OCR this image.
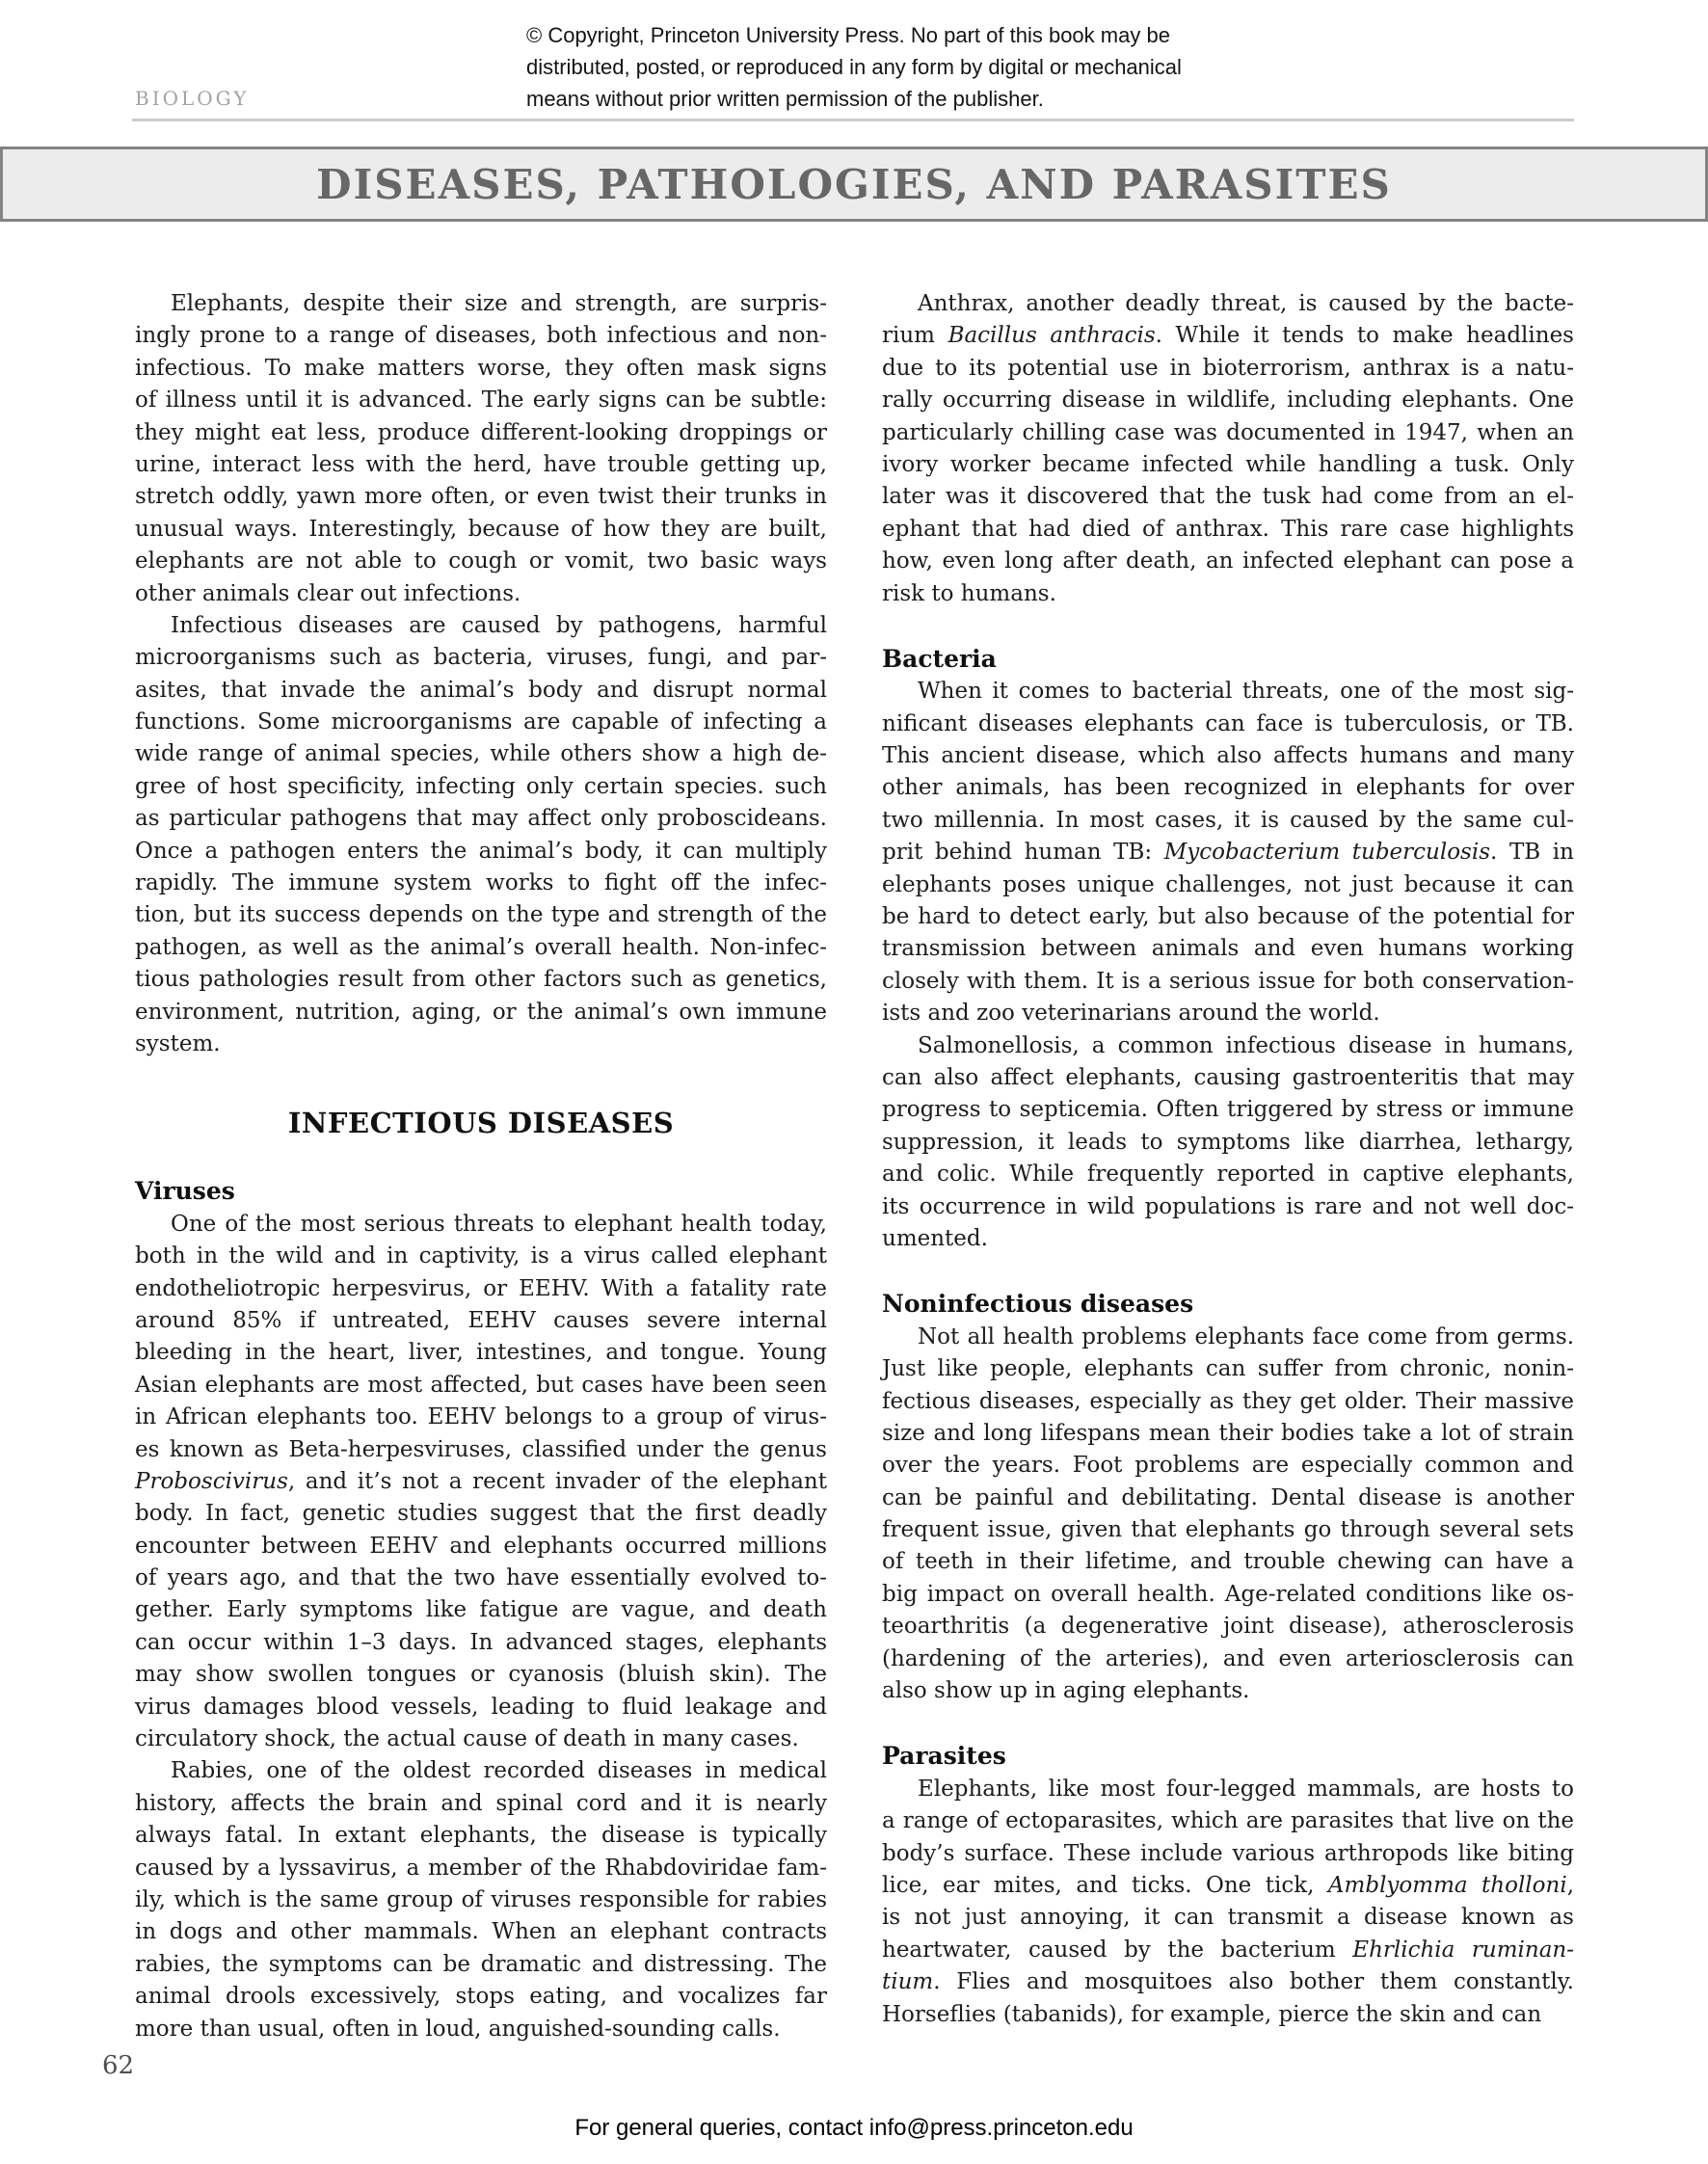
© Copyright, Princeton University Press. No part of this book may be
distributed, posted, or reproduced in any form by digital or mechanical
means without prior written permission of the publisher.
BIOLOGY
DISEASES, PATHOLOGIES, AND PARASITES
Elephants, despite their size and strength, are surpris-
ingly prone to a range of diseases, both infectious and non-
infectious. To make matters worse, they often mask signs
of illness until it is advanced. The early signs can be subtle:
they might eat less, produce different-looking droppings or
urine, interact less with the herd, have trouble getting up,
stretch oddly, yawn more often, or even twist their trunks in
unusual ways. Interestingly, because of how they are built,
elephants are not able to cough or vomit, two basic ways
other animals clear out infections.
Infectious diseases are caused by pathogens, harmful
microorganisms such as bacteria, viruses, fungi, and par-
asites, that invade the animal’s body and disrupt normal
functions. Some microorganisms are capable of infecting a
wide range of animal species, while others show a high de-
gree of host specificity, infecting only certain species. such
as particular pathogens that may affect only proboscideans.
Once a pathogen enters the animal’s body, it can multiply
rapidly. The immune system works to fight off the infec-
tion, but its success depends on the type and strength of the
pathogen, as well as the animal’s overall health. Non-infec-
tious pathologies result from other factors such as genetics,
environment, nutrition, aging, or the animal’s own immune
system.
INFECTIOUS DISEASES
Viruses
One of the most serious threats to elephant health today,
both in the wild and in captivity, is a virus called elephant
endotheliotropic herpesvirus, or EEHV. With a fatality rate
around 85% if untreated, EEHV causes severe internal
bleeding in the heart, liver, intestines, and tongue. Young
Asian elephants are most affected, but cases have been seen
in African elephants too. EEHV belongs to a group of virus-
es known as Beta-herpesviruses, classified under the genus
Proboscivirus, and it’s not a recent invader of the elephant
body. In fact, genetic studies suggest that the first deadly
encounter between EEHV and elephants occurred millions
of years ago, and that the two have essentially evolved to-
gether. Early symptoms like fatigue are vague, and death
can occur within 1–3 days. In advanced stages, elephants
may show swollen tongues or cyanosis (bluish skin). The
virus damages blood vessels, leading to fluid leakage and
circulatory shock, the actual cause of death in many cases.
Rabies, one of the oldest recorded diseases in medical
history, affects the brain and spinal cord and it is nearly
always fatal. In extant elephants, the disease is typically
caused by a lyssavirus, a member of the Rhabdoviridae fam-
ily, which is the same group of viruses responsible for rabies
in dogs and other mammals. When an elephant contracts
rabies, the symptoms can be dramatic and distressing. The
animal drools excessively, stops eating, and vocalizes far
more than usual, often in loud, anguished-sounding calls.
Anthrax, another deadly threat, is caused by the bacte-
rium Bacillus anthracis. While it tends to make headlines
due to its potential use in bioterrorism, anthrax is a natu-
rally occurring disease in wildlife, including elephants. One
particularly chilling case was documented in 1947, when an
ivory worker became infected while handling a tusk. Only
later was it discovered that the tusk had come from an el-
ephant that had died of anthrax. This rare case highlights
how, even long after death, an infected elephant can pose a
risk to humans.
Bacteria
When it comes to bacterial threats, one of the most sig-
nificant diseases elephants can face is tuberculosis, or TB.
This ancient disease, which also affects humans and many
other animals, has been recognized in elephants for over
two millennia. In most cases, it is caused by the same cul-
prit behind human TB: Mycobacterium tuberculosis. TB in
elephants poses unique challenges, not just because it can
be hard to detect early, but also because of the potential for
transmission between animals and even humans working
closely with them. It is a serious issue for both conservation-
ists and zoo veterinarians around the world.
Salmonellosis, a common infectious disease in humans,
can also affect elephants, causing gastroenteritis that may
progress to septicemia. Often triggered by stress or immune
suppression, it leads to symptoms like diarrhea, lethargy,
and colic. While frequently reported in captive elephants,
its occurrence in wild populations is rare and not well doc-
umented.
Noninfectious diseases
Not all health problems elephants face come from germs.
Just like people, elephants can suffer from chronic, nonin-
fectious diseases, especially as they get older. Their massive
size and long lifespans mean their bodies take a lot of strain
over the years. Foot problems are especially common and
can be painful and debilitating. Dental disease is another
frequent issue, given that elephants go through several sets
of teeth in their lifetime, and trouble chewing can have a
big impact on overall health. Age-related conditions like os-
teoarthritis (a degenerative joint disease), atherosclerosis
(hardening of the arteries), and even arteriosclerosis can
also show up in aging elephants.
Parasites
Elephants, like most four-legged mammals, are hosts to
a range of ectoparasites, which are parasites that live on the
body’s surface. These include various arthropods like biting
lice, ear mites, and ticks. One tick, Amblyomma tholloni,
is not just annoying, it can transmit a disease known as
heartwater, caused by the bacterium Ehrlichia ruminan-
tium. Flies and mosquitoes also bother them constantly.
Horseflies (tabanids), for example, pierce the skin and can
62
For general queries, contact info@press.princeton.edu
